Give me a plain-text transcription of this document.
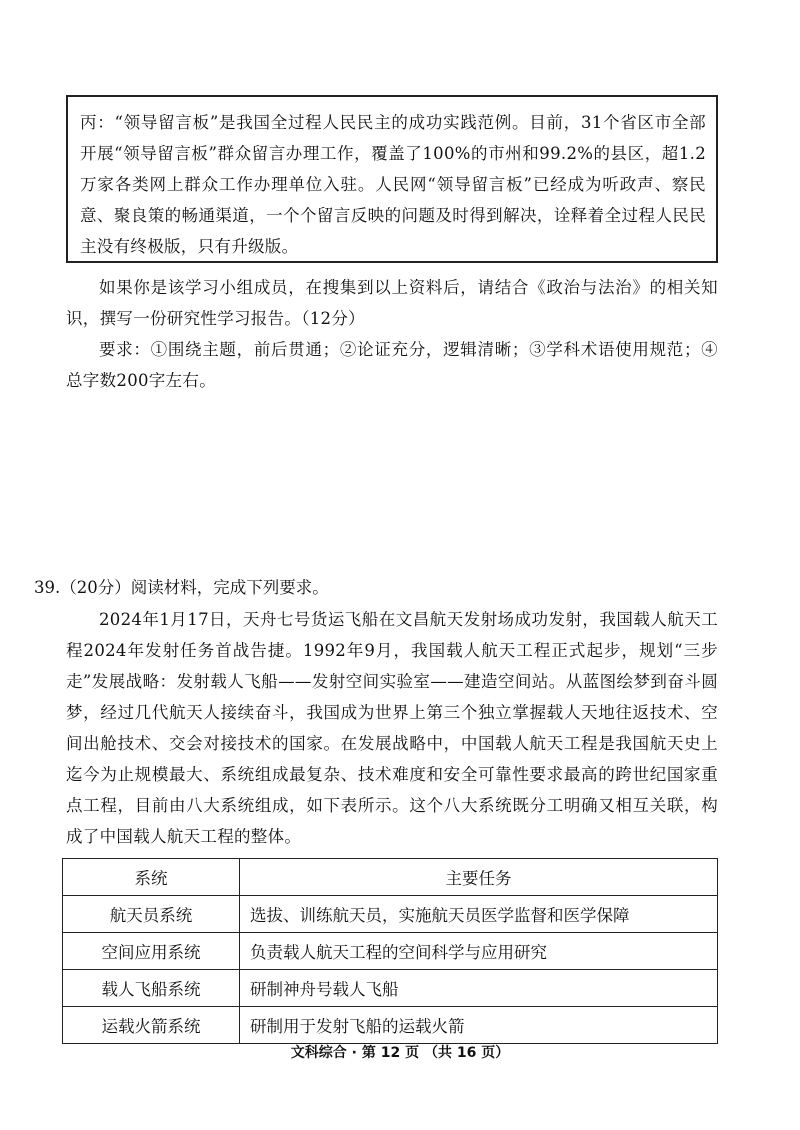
丙：“领导留言板”是我国全过程人民民主的成功实践范例。目前，31个省区市全部开展“领导留言板”群众留言办理工作，覆盖了100%的市州和99.2%的县区，超1.2万家各类网上群众工作办理单位入驻。人民网“领导留言板”已经成为听政声、察民意、聚良策的畅通渠道，一个个留言反映的问题及时得到解决，诠释着全过程人民民主没有终极版，只有升级版。

如果你是该学习小组成员，在搜集到以上资料后，请结合《政治与法治》的相关知识，撰写一份研究性学习报告。（12分）

要求：①围绕主题，前后贯通；②论证充分，逻辑清晰；③学科术语使用规范；④总字数200字左右。

39.（20分）阅读材料，完成下列要求。

2024年1月17日，天舟七号货运飞船在文昌航天发射场成功发射，我国载人航天工程2024年发射任务首战告捷。1992年9月，我国载人航天工程正式起步，规划“三步走”发展战略：发射载人飞船——发射空间实验室——建造空间站。从蓝图绘梦到奋斗圆梦，经过几代航天人接续奋斗，我国成为世界上第三个独立掌握载人天地往返技术、空间出舱技术、交会对接技术的国家。在发展战略中，中国载人航天工程是我国航天史上迄今为止规模最大、系统组成最复杂、技术难度和安全可靠性要求最高的跨世纪国家重点工程，目前由八大系统组成，如下表所示。这个八大系统既分工明确又相互关联，构成了中国载人航天工程的整体。

系统	主要任务
航天员系统	选拔、训练航天员，实施航天员医学监督和医学保障
空间应用系统	负责载人航天工程的空间科学与应用研究
载人飞船系统	研制神舟号载人飞船
运载火箭系统	研制用于发射飞船的运载火箭
文科综合 · 第 12 页 （共 16 页）
